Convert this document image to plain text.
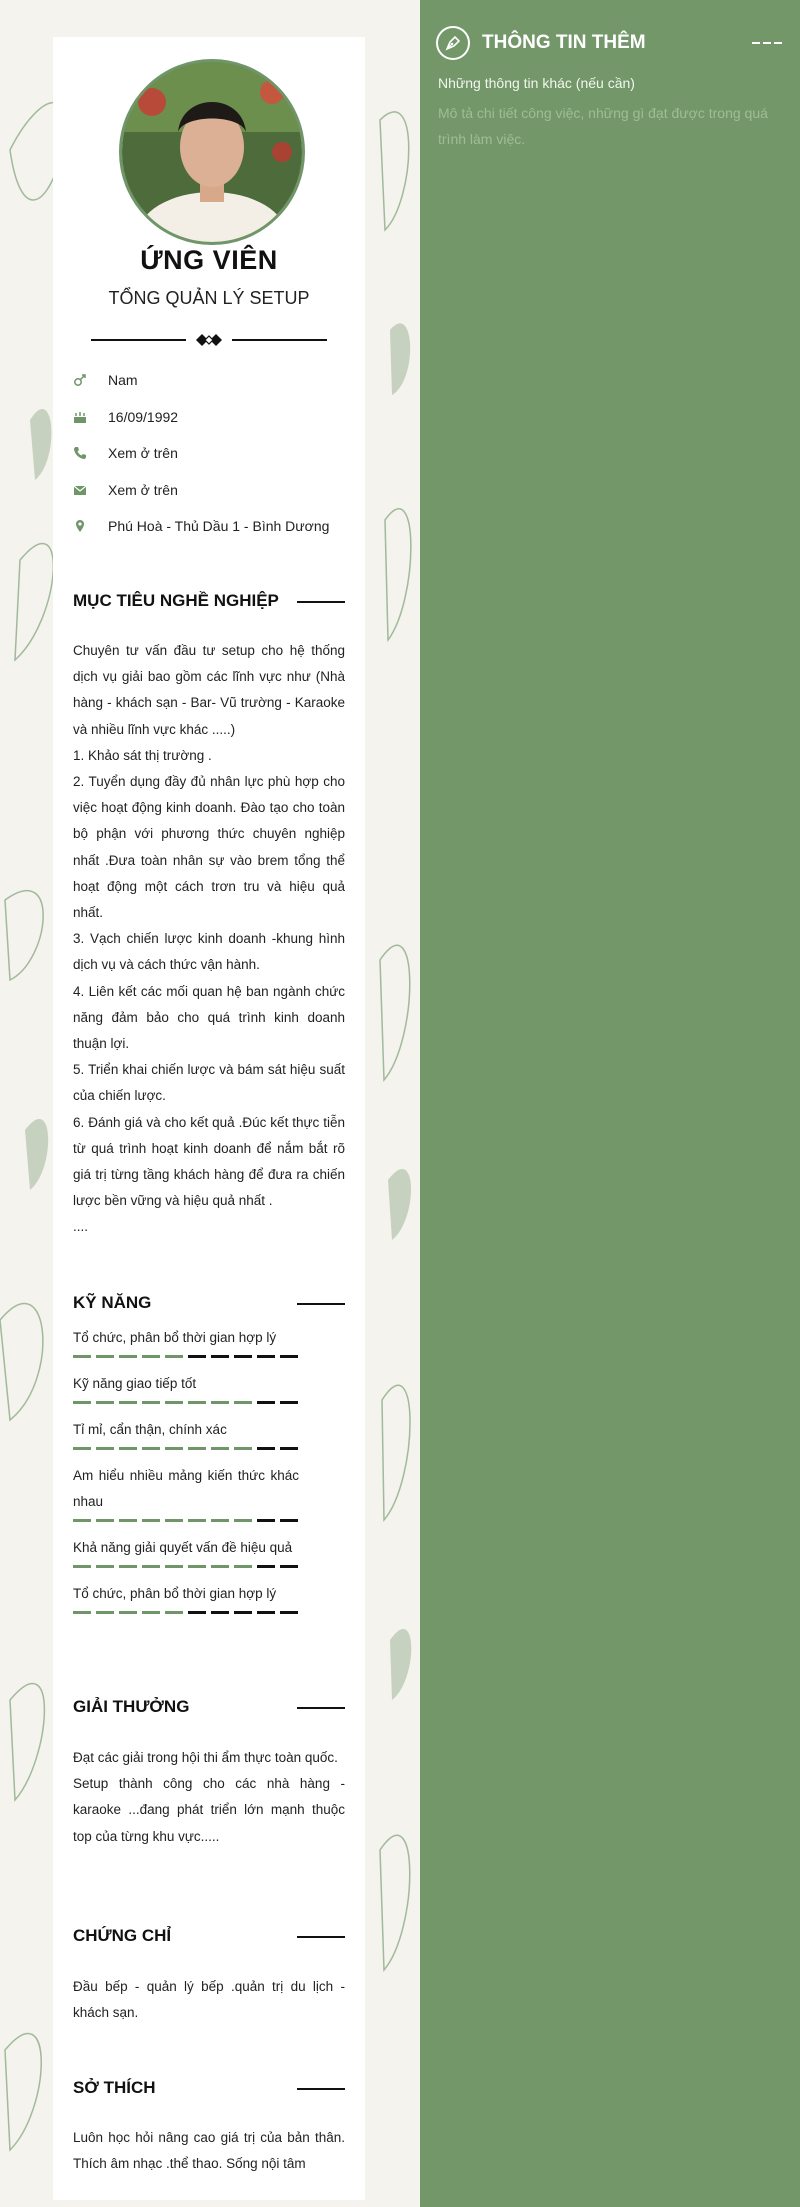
ỨNG VIÊN
TỔNG QUẢN LÝ SETUP
Nam
16/09/1992
Xem ở trên
Xem ở trên
Phú Hoà - Thủ Dầu 1 - Bình Dương
MỤC TIÊU NGHỀ NGHIỆP
Chuyên tư vấn đầu tư setup cho hệ thống dịch vụ giải bao gồm các lĩnh vực như (Nhà hàng - khách sạn - Bar- Vũ trường - Karaoke và nhiều lĩnh vực khác .....)
1. Khảo sát thị trường .
2. Tuyển dụng đầy đủ nhân lực phù hợp cho việc hoạt động kinh doanh. Đào tạo cho toàn bộ phận với phương thức chuyên nghiệp nhất .Đưa toàn nhân sự vào brem tổng thể hoạt động một cách trơn tru và hiệu quả nhất.
3. Vạch chiến lược kinh doanh -khung hình dịch vụ và cách thức vận hành.
4. Liên kết các mối quan hệ ban ngành chức năng đảm bảo cho quá trình kinh doanh thuận lợi.
5. Triển khai chiến lược và bám sát hiệu suất của chiến lược.
6. Đánh giá và cho kết quả .Đúc kết thực tiễn từ quá trình hoạt kinh doanh để nắm bắt rõ giá trị từng tầng khách hàng để đưa ra chiến lược bền vững và hiệu quả nhất .
....
KỸ NĂNG
Tổ chức, phân bổ thời gian hợp lý
Kỹ năng giao tiếp tốt
Tỉ mỉ, cẩn thận, chính xác
Am hiểu nhiều mảng kiến thức khác nhau
Khả năng giải quyết vấn đề hiệu quả
Tổ chức, phân bổ thời gian hợp lý
GIẢI THƯỞNG
Đạt các giải trong hội thi ẩm thực toàn quốc.
Setup thành công cho các nhà hàng - karaoke ...đang phát triển lớn mạnh thuộc top của từng khu vực.....
CHỨNG CHỈ
Đầu bếp - quản lý bếp .quản trị du lịch - khách sạn.
SỞ THÍCH
Luôn học hỏi nâng cao giá trị của bản thân. Thích âm nhạc .thể thao. Sống nội tâm
THÔNG TIN THÊM
Những thông tin khác (nếu cần)
Mô tả chi tiết công việc, những gì đạt được trong quá trình làm việc.
